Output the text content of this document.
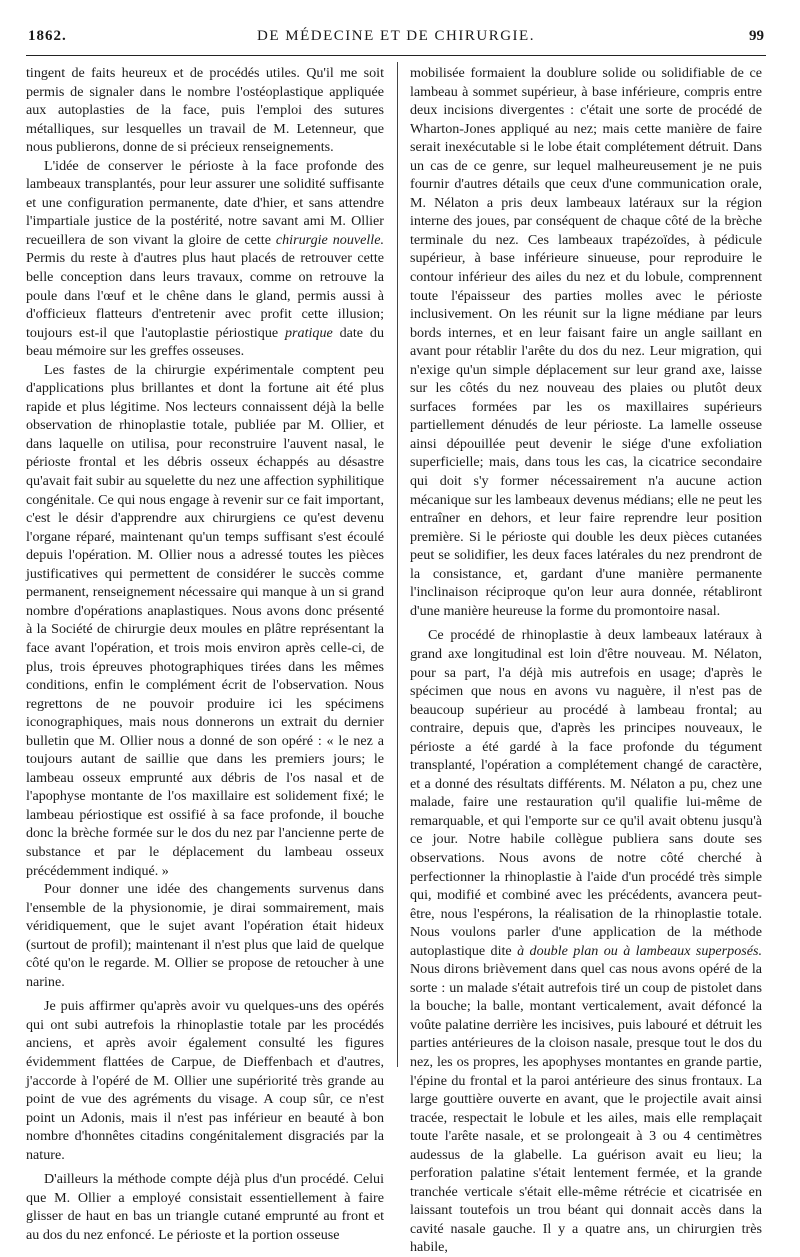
1862.	DE MÉDECINE ET DE CHIRURGIE.	99

tingent de faits heureux et de procédés utiles. Qu'il me soit permis de signaler dans le nombre l'ostéoplastique appliquée aux autoplasties de la face, puis l'emploi des sutures métalliques, sur lesquelles un travail de M. Letenneur, que nous publierons, donne de si précieux renseignements.

L'idée de conserver le périoste à la face profonde des lambeaux transplantés, pour leur assurer une solidité suffisante et une configuration permanente, date d'hier, et sans attendre l'impartiale justice de la postérité, notre savant ami M. Ollier recueillera de son vivant la gloire de cette chirurgie nouvelle. Permis du reste à d'autres plus haut placés de retrouver cette belle conception dans leurs travaux, comme on retrouve la poule dans l'œuf et le chêne dans le gland, permis aussi à d'officieux flatteurs d'entretenir avec profit cette illusion; toujours est-il que l'autoplastie périostique pratique date du beau mémoire sur les greffes osseuses.

Les fastes de la chirurgie expérimentale comptent peu d'applications plus brillantes et dont la fortune ait été plus rapide et plus légitime. Nos lecteurs connaissent déjà la belle observation de rhinoplastie totale, publiée par M. Ollier, et dans laquelle on utilisa, pour reconstruire l'auvent nasal, le périoste frontal et les débris osseux échappés au désastre qu'avait fait subir au squelette du nez une affection syphilitique congénitale. Ce qui nous engage à revenir sur ce fait important, c'est le désir d'apprendre aux chirurgiens ce qu'est devenu l'organe réparé, maintenant qu'un temps suffisant s'est écoulé depuis l'opération. M. Ollier nous a adressé toutes les pièces justificatives qui permettent de considérer le succès comme permanent, renseignement nécessaire qui manque à un si grand nombre d'opérations anaplastiques. Nous avons donc présenté à la Société de chirurgie deux moules en plâtre représentant la face avant l'opération, et trois mois environ après celle-ci, de plus, trois épreuves photographiques tirées dans les mêmes conditions, enfin le complément écrit de l'observation. Nous regrettons de ne pouvoir produire ici les spécimens iconographiques, mais nous donnerons un extrait du dernier bulletin que M. Ollier nous a donné de son opéré : « le nez a toujours autant de saillie que dans les premiers jours; le lambeau osseux emprunté aux débris de l'os nasal et de l'apophyse montante de l'os maxillaire est solidement fixé; le lambeau périostique est ossifié à sa face profonde, il bouche donc la brèche formée sur le dos du nez par l'ancienne perte de substance et par le déplacement du lambeau osseux précédemment indiqué. »

Pour donner une idée des changements survenus dans l'ensemble de la physionomie, je dirai sommairement, mais véridiquement, que le sujet avant l'opération était hideux (surtout de profil); maintenant il n'est plus que laid de quelque côté qu'on le regarde. M. Ollier se propose de retoucher à une narine.

Je puis affirmer qu'après avoir vu quelques-uns des opérés qui ont subi autrefois la rhinoplastie totale par les procédés anciens, et après avoir également consulté les figures évidemment flattées de Carpue, de Dieffenbach et d'autres, j'accorde à l'opéré de M. Ollier une supériorité très grande au point de vue des agréments du visage. A coup sûr, ce n'est point un Adonis, mais il n'est pas inférieur en beauté à bon nombre d'honnêtes citadins congénitalement disgraciés par la nature.

D'ailleurs la méthode compte déjà plus d'un procédé. Celui que M. Ollier a employé consistait essentiellement à faire glisser de haut en bas un triangle cutané emprunté au front et au dos du nez enfoncé. Le périoste et la portion osseuse

mobilisée formaient la doublure solide ou solidifiable de ce lambeau à sommet supérieur, à base inférieure, compris entre deux incisions divergentes : c'était une sorte de procédé de Wharton-Jones appliqué au nez; mais cette manière de faire serait inexécutable si le lobe était complétement détruit. Dans un cas de ce genre, sur lequel malheureusement je ne puis fournir d'autres détails que ceux d'une communication orale, M. Nélaton a pris deux lambeaux latéraux sur la région interne des joues, par conséquent de chaque côté de la brèche terminale du nez. Ces lambeaux trapézoïdes, à pédicule supérieur, à base inférieure sinueuse, pour reproduire le contour inférieur des ailes du nez et du lobule, comprennent toute l'épaisseur des parties molles avec le périoste inclusivement. On les réunit sur la ligne médiane par leurs bords internes, et en leur faisant faire un angle saillant en avant pour rétablir l'arête du dos du nez. Leur migration, qui n'exige qu'un simple déplacement sur leur grand axe, laisse sur les côtés du nez nouveau des plaies ou plutôt deux surfaces formées par les os maxillaires supérieurs partiellement dénudés de leur périoste. La lamelle osseuse ainsi dépouillée peut devenir le siége d'une exfoliation superficielle; mais, dans tous les cas, la cicatrice secondaire qui doit s'y former nécessairement n'a aucune action mécanique sur les lambeaux devenus médians; elle ne peut les entraîner en dehors, et leur faire reprendre leur position première. Si le périoste qui double les deux pièces cutanées peut se solidifier, les deux faces latérales du nez prendront de la consistance, et, gardant d'une manière permanente l'inclinaison réciproque qu'on leur aura donnée, rétabliront d'une manière heureuse la forme du promontoire nasal.

Ce procédé de rhinoplastie à deux lambeaux latéraux à grand axe longitudinal est loin d'être nouveau. M. Nélaton, pour sa part, l'a déjà mis autrefois en usage; d'après le spécimen que nous en avons vu naguère, il n'est pas de beaucoup supérieur au procédé à lambeau frontal; au contraire, depuis que, d'après les principes nouveaux, le périoste a été gardé à la face profonde du tégument transplanté, l'opération a complétement changé de caractère, et a donné des résultats différents. M. Nélaton a pu, chez une malade, faire une restauration qu'il qualifie lui-même de remarquable, et qui l'emporte sur ce qu'il avait obtenu jusqu'à ce jour. Notre habile collègue publiera sans doute ses observations. Nous avons de notre côté cherché à perfectionner la rhinoplastie à l'aide d'un procédé très simple qui, modifié et combiné avec les précédents, avancera peut-être, nous l'espérons, la réalisation de la rhinoplastie totale. Nous voulons parler d'une application de la méthode autoplastique dite à double plan ou à lambeaux superposés. Nous dirons brièvement dans quel cas nous avons opéré de la sorte : un malade s'était autrefois tiré un coup de pistolet dans la bouche; la balle, montant verticalement, avait défoncé la voûte palatine derrière les incisives, puis labouré et détruit les parties antérieures de la cloison nasale, presque tout le dos du nez, les os propres, les apophyses montantes en grande partie, l'épine du frontal et la paroi antérieure des sinus frontaux. La large gouttière ouverte en avant, que le projectile avait ainsi tracée, respectait le lobule et les ailes, mais elle remplaçait toute l'arête nasale, et se prolongeait à 3 ou 4 centimètres audessus de la glabelle. La guérison avait eu lieu; la perforation palatine s'était lentement fermée, et la grande tranchée verticale s'était elle-même rétrécie et cicatrisée en laissant toutefois un trou béant qui donnait accès dans la cavité nasale gauche. Il y a quatre ans, un chirurgien très habile,
